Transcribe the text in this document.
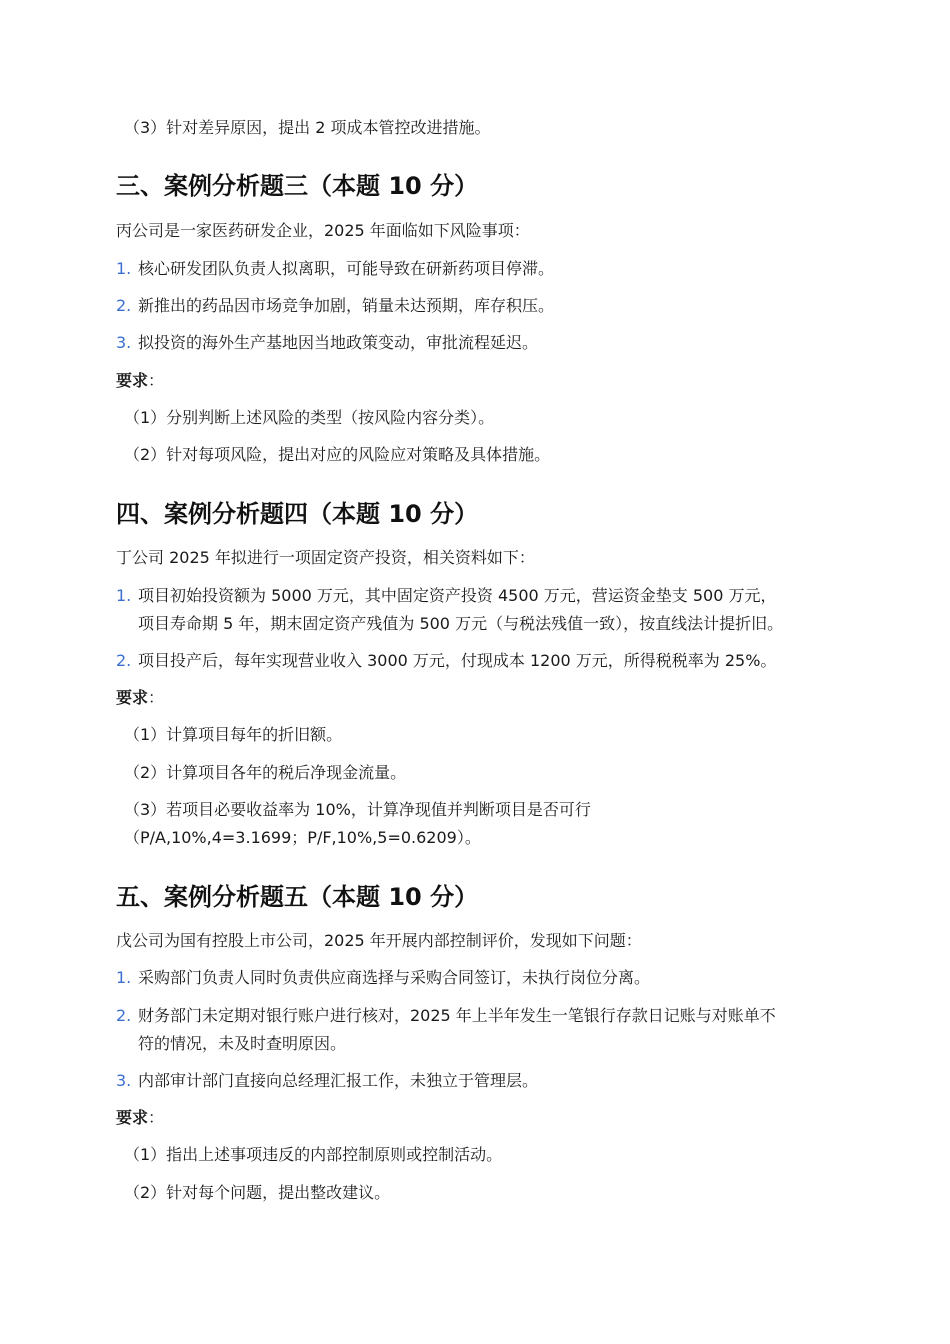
（3）针对差异原因，提出 2 项成本管控改进措施。

三、案例分析题三（本题 10 分）

丙公司是一家医药研发企业，2025 年面临如下风险事项：

1. 核心研发团队负责人拟离职，可能导致在研新药项目停滞。
2. 新推出的药品因市场竞争加剧，销量未达预期，库存积压。
3. 拟投资的海外生产基地因当地政策变动，审批流程延迟。

要求：

（1）分别判断上述风险的类型（按风险内容分类）。

（2）针对每项风险，提出对应的风险应对策略及具体措施。

四、案例分析题四（本题 10 分）

丁公司 2025 年拟进行一项固定资产投资，相关资料如下：

1. 项目初始投资额为 5000 万元，其中固定资产投资 4500 万元，营运资金垫支 500 万元，
项目寿命期 5 年，期末固定资产残值为 500 万元（与税法残值一致），按直线法计提折旧。
2. 项目投产后，每年实现营业收入 3000 万元，付现成本 1200 万元，所得税税率为 25%。

要求：

（1）计算项目每年的折旧额。

（2）计算项目各年的税后净现金流量。

（3）若项目必要收益率为 10%，计算净现值并判断项目是否可行

（P/A,10%,4=3.1699；P/F,10%,5=0.6209）。

五、案例分析题五（本题 10 分）

戊公司为国有控股上市公司，2025 年开展内部控制评价，发现如下问题：

1. 采购部门负责人同时负责供应商选择与采购合同签订，未执行岗位分离。
2. 财务部门未定期对银行账户进行核对，2025 年上半年发生一笔银行存款日记账与对账单不
符的情况，未及时查明原因。
3. 内部审计部门直接向总经理汇报工作，未独立于管理层。

要求：

（1）指出上述事项违反的内部控制原则或控制活动。

（2）针对每个问题，提出整改建议。
